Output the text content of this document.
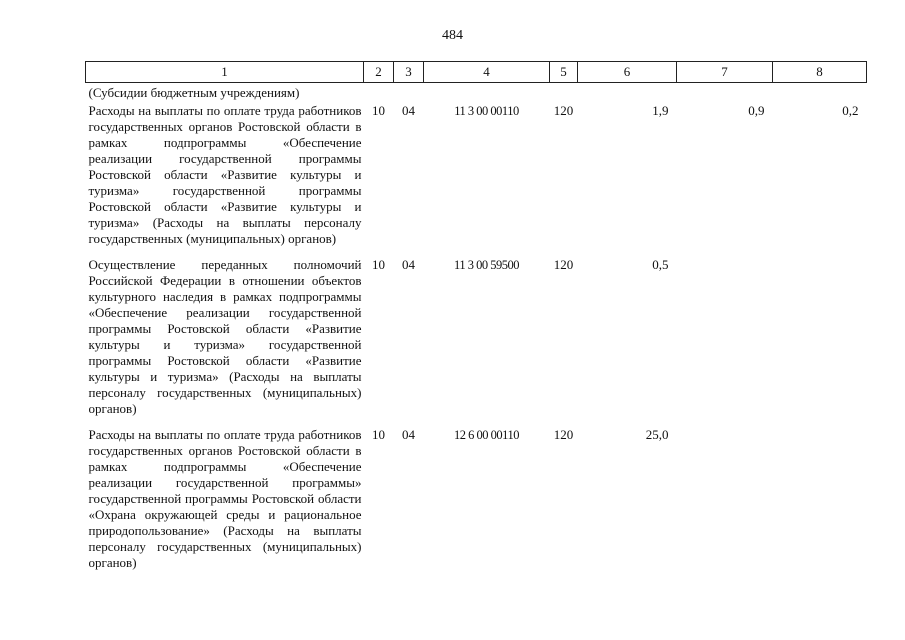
484
1	2	3	4	5	6	7	8
(Субсидии бюджетным учреждениям)							
Расходы на выплаты по оплате труда работников государственных органов Ростовской области в рамках подпрограммы «Обеспечение реализации государственной программы Ростовской области «Развитие культуры и туризма» государственной программы Ростовской области «Развитие культуры и туризма» (Расходы на выплаты персоналу государственных (муниципальных) органов)	10	04	11 3 00 00110	120	1,9	0,9	0,2
Осуществление переданных полномочий Российской Федерации в отношении объектов культурного наследия в рамках подпрограммы «Обеспечение реализации государственной программы Ростовской области «Развитие культуры и туризма» государственной программы Ростовской области «Развитие культуры и туризма» (Расходы на выплаты персоналу государственных (муниципальных) органов)	10	04	11 3 00 59500	120	0,5		
Расходы на выплаты по оплате труда работников государственных органов Ростовской области в рамках подпрограммы «Обеспечение реализации государственной программы» государственной программы Ростовской области «Охрана окружающей среды и рациональное природопользование» (Расходы на выплаты персоналу государственных (муниципальных) органов)	10	04	12 6 00 00110	120	25,0		
